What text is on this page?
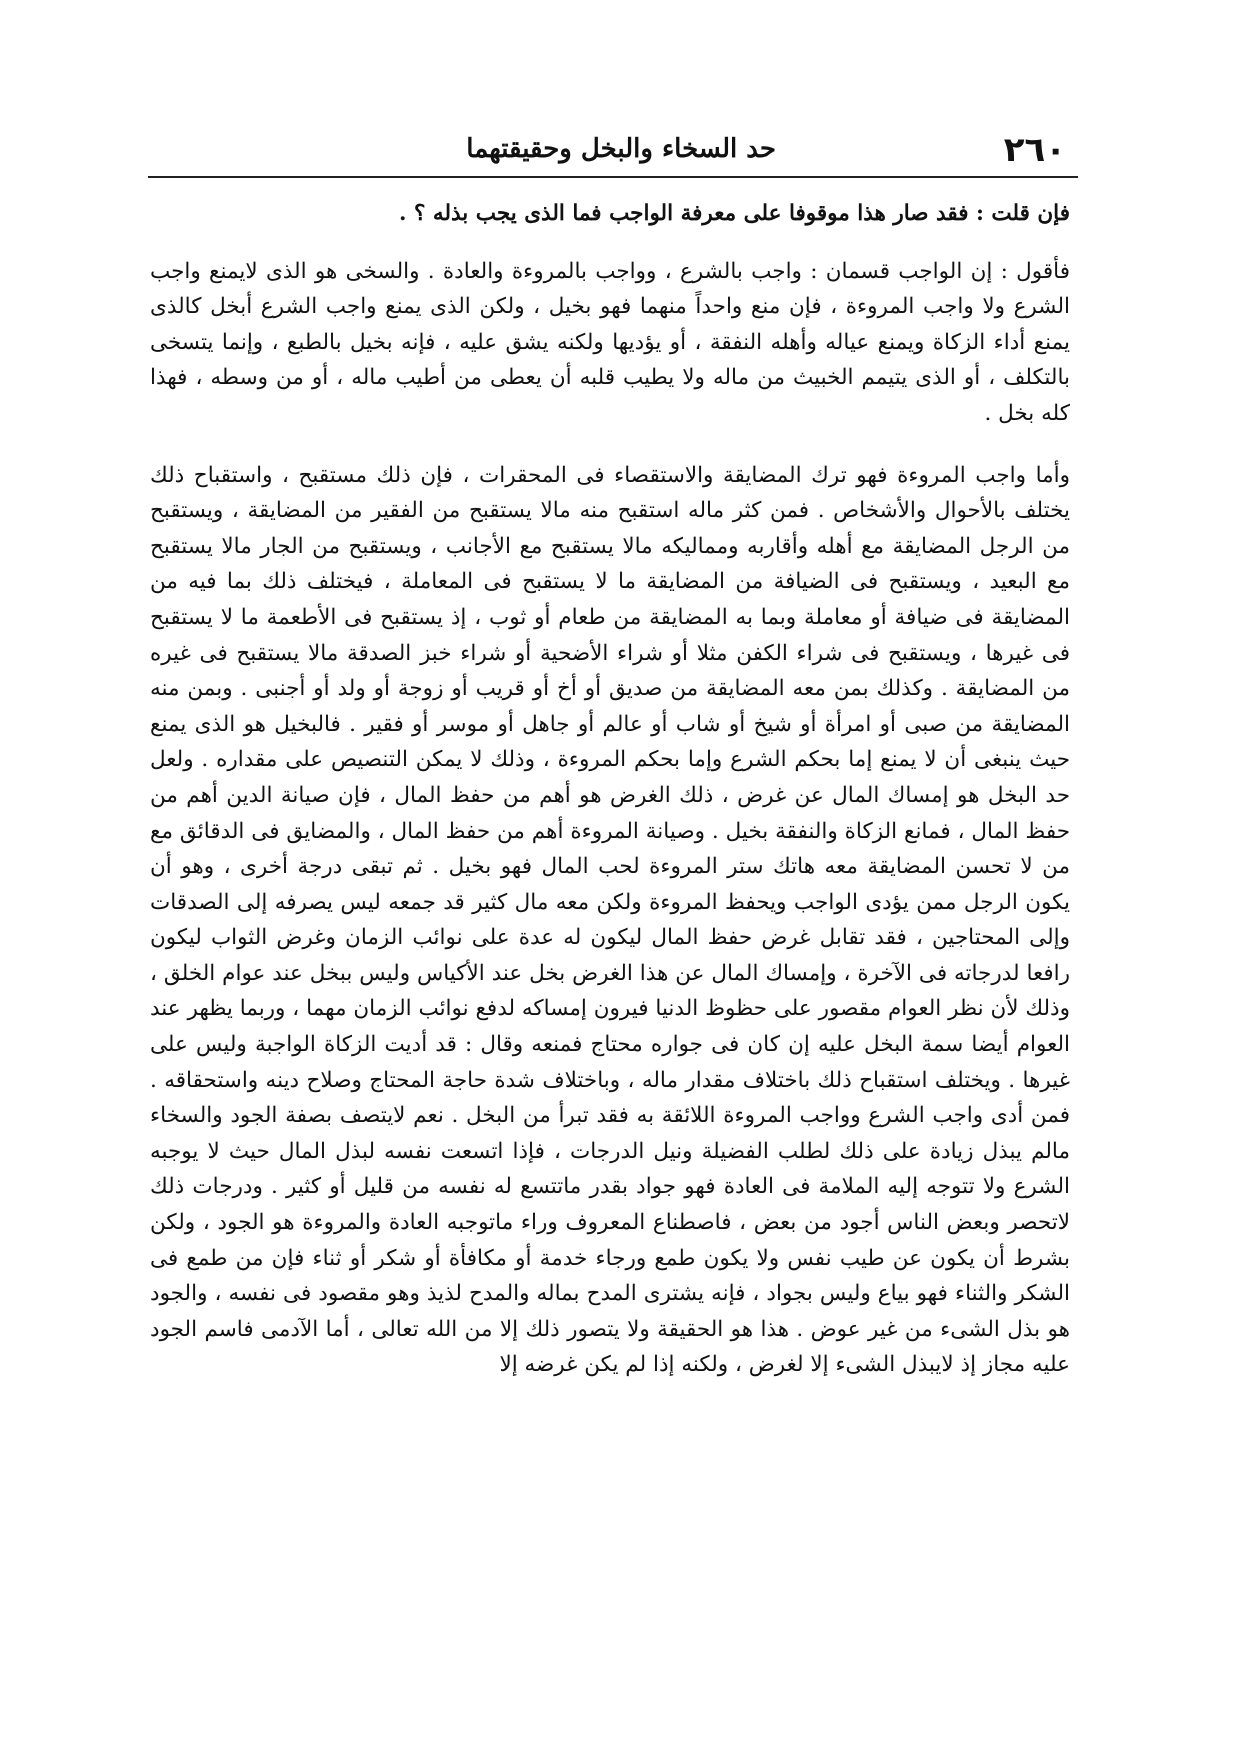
٢٦٠
حد السخاء والبخل وحقيقتهما

فإن قلت : فقد صار هذا موقوفا على معرفة الواجب فما الذى يجب بذله ؟ .

فأقول : إن الواجب قسمان : واجب بالشرع ، وواجب بالمروءة والعادة . والسخى هو الذى لايمنع واجب الشرع ولا واجب المروءة ، فإن منع واحداً منهما فهو بخيل ، ولكن الذى يمنع واجب الشرع أبخل كالذى يمنع أداء الزكاة ويمنع عياله وأهله النفقة ، أو يؤديها ولكنه يشق عليه ، فإنه بخيل بالطبع ، وإنما يتسخى بالتكلف ، أو الذى يتيمم الخبيث من ماله ولا يطيب قلبه أن يعطى من أطيب ماله ، أو من وسطه ، فهذا كله بخل .

وأما واجب المروءة فهو ترك المضايقة والاستقصاء فى المحقرات ، فإن ذلك مستقبح ، واستقباح ذلك يختلف بالأحوال والأشخاص . فمن كثر ماله استقبح منه مالا يستقبح من الفقير من المضايقة ، ويستقبح من الرجل المضايقة مع أهله وأقاربه ومماليكه مالا يستقبح مع الأجانب ، ويستقبح من الجار مالا يستقبح مع البعيد ، ويستقبح فى الضيافة من المضايقة ما لا يستقبح فى المعاملة ، فيختلف ذلك بما فيه من المضايقة فى ضيافة أو معاملة وبما به المضايقة من طعام أو ثوب ، إذ يستقبح فى الأطعمة ما لا يستقبح فى غيرها ، ويستقبح فى شراء الكفن مثلا أو شراء الأضحية أو شراء خبز الصدقة مالا يستقبح فى غيره من المضايقة . وكذلك بمن معه المضايقة من صديق أو أخ أو قريب أو زوجة أو ولد أو أجنبى . وبمن منه المضايقة من صبى أو امرأة أو شيخ أو شاب أو عالم أو جاهل أو موسر أو فقير . فالبخيل هو الذى يمنع حيث ينبغى أن لا يمنع إما بحكم الشرع وإما بحكم المروءة ، وذلك لا يمكن التنصيص على مقداره . ولعل حد البخل هو إمساك المال عن غرض ، ذلك الغرض هو أهم من حفظ المال ، فإن صيانة الدين أهم من حفظ المال ، فمانع الزكاة والنفقة بخيل . وصيانة المروءة أهم من حفظ المال ، والمضايق فى الدقائق مع من لا تحسن المضايقة معه هاتك ستر المروءة لحب المال فهو بخيل . ثم تبقى درجة أخرى ، وهو أن يكون الرجل ممن يؤدى الواجب ويحفظ المروءة ولكن معه مال كثير قد جمعه ليس يصرفه إلى الصدقات وإلى المحتاجين ، فقد تقابل غرض حفظ المال ليكون له عدة على نوائب الزمان وغرض الثواب ليكون رافعا لدرجاته فى الآخرة ، وإمساك المال عن هذا الغرض بخل عند الأكياس وليس ببخل عند عوام الخلق ، وذلك لأن نظر العوام مقصور على حظوظ الدنيا فيرون إمساكه لدفع نوائب الزمان مهما ، وربما يظهر عند العوام أيضا سمة البخل عليه إن كان فى جواره محتاج فمنعه وقال : قد أديت الزكاة الواجبة وليس على غيرها . ويختلف استقباح ذلك باختلاف مقدار ماله ، وباختلاف شدة حاجة المحتاج وصلاح دينه واستحقاقه . فمن أدى واجب الشرع وواجب المروءة اللائقة به فقد تبرأ من البخل . نعم لايتصف بصفة الجود والسخاء مالم يبذل زيادة على ذلك لطلب الفضيلة ونيل الدرجات ، فإذا اتسعت نفسه لبذل المال حيث لا يوجبه الشرع ولا تتوجه إليه الملامة فى العادة فهو جواد بقدر ماتتسع له نفسه من قليل أو كثير . ودرجات ذلك لاتحصر وبعض الناس أجود من بعض ، فاصطناع المعروف وراء ماتوجبه العادة والمروءة هو الجود ، ولكن بشرط أن يكون عن طيب نفس ولا يكون طمع ورجاء خدمة أو مكافأة أو شكر أو ثناء فإن من طمع فى الشكر والثناء فهو بياع وليس بجواد ، فإنه يشترى المدح بماله والمدح لذيذ وهو مقصود فى نفسه ، والجود هو بذل الشىء من غير عوض . هذا هو الحقيقة ولا يتصور ذلك إلا من الله تعالى ، أما الآدمى فاسم الجود عليه مجاز إذ لايبذل الشىء إلا لغرض ، ولكنه إذا لم يكن غرضه إلا
